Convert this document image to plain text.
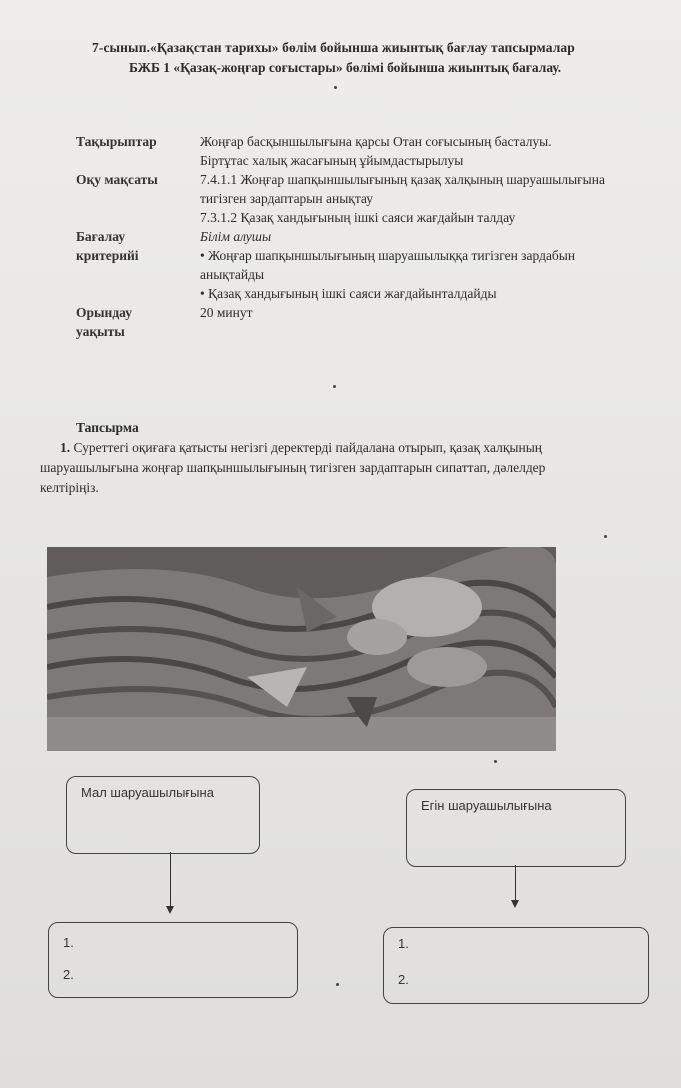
7-сынып.«Қазақстан тарихы» бөлім бойынша жиынтық бағлау тапсырмалар
БЖБ 1 «Қазақ-жоңғар соғыстары» бөлімі бойынша жиынтық бағалау.
Тақырыптар	Жоңғар басқыншылығына қарсы Отан соғысының басталуы.
Біртұтас халық жасағының ұйымдастырылуы
Оқу мақсаты	7.4.1.1 Жоңғар шапқыншылығының қазақ халқының шаруашылығына
тигізген зардаптарын анықтау
7.3.1.2 Қазақ хандығының ішкі саяси жағдайын талдау
Бағалау
критерийі
Білім алушы
• Жоңғар шапқыншылығының шаруашылыққа тигізген зардабын
анықтайды
• Қазақ хандығының ішкі саяси жағдайынталдайды
Орындау
уақыты
20 минут
Тапсырма
1. Суреттегі оқиғаға қатысты негізгі деректерді пайдалана отырып, қазақ халқының
шаруашылығына жоңғар шапқыншылығының тигізген зардаптарын сипаттап, дәлелдер
келтіріңіз.
Мал шаруашылығына
Егін шаруашылығына
1.
2.
1.
2.
